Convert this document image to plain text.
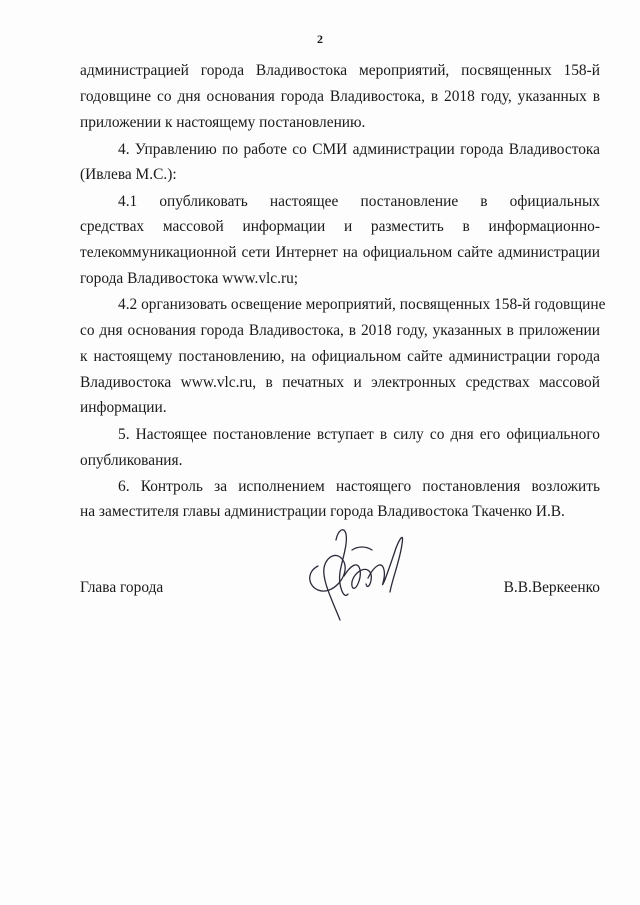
2
администрацией города Владивостока мероприятий, посвященных 158-й
годовщине со дня основания города Владивостока, в 2018 году, указанных в
приложении к настоящему постановлению.
4. Управлению по работе со СМИ администрации города Владивостока
(Ивлева М.С.):
4.1 опубликовать настоящее постановление в официальных
средствах массовой информации и разместить в информационно-
телекоммуникационной сети Интернет на официальном сайте администрации
города Владивостока www.vlc.ru;
4.2 организовать освещение мероприятий, посвященных 158-й годовщине
со дня основания города Владивостока, в 2018 году, указанных в приложении
к настоящему постановлению, на официальном сайте администрации города
Владивостока www.vlc.ru, в печатных и электронных средствах массовой
информации.
5. Настоящее постановление вступает в силу со дня его официального
опубликования.
6. Контроль за исполнением настоящего постановления возложить
на заместителя главы администрации города Владивостока Ткаченко И.В.
Глава города	В.В.Веркеенко
